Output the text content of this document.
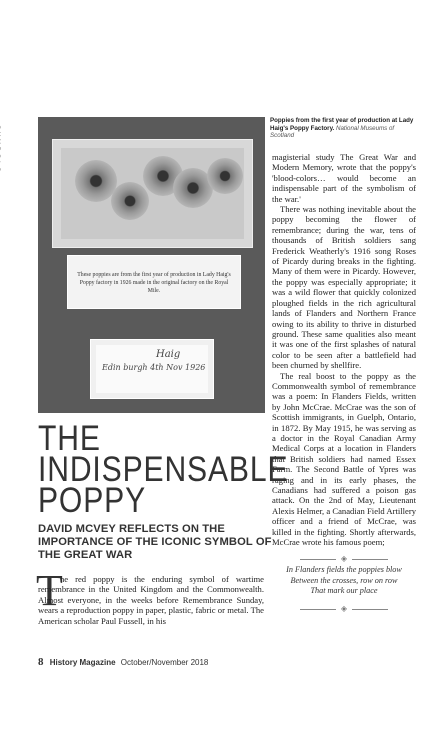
These poppies are from the first year of production in Lady Haig's Poppy factory in 1926 made in the original factory on the Royal Mile.
Edin burgh 4th Nov 1926
Haig
Poppies from the first year of production at Lady Haig's Poppy Factory. National Museums of Scotland

magisterial study The Great War and Modern Memory, wrote that the poppy's 'blood-colors… would become an indispensable part of the symbolism of the war.'

There was nothing inevitable about the poppy becoming the flower of remembrance; during the war, tens of thousands of British soldiers sang Frederick Weatherly's 1916 song Roses of Picardy during breaks in the fighting. Many of them were in Picardy. However, the poppy was especially appropriate; it was a wild flower that quickly colonized ploughed fields in the rich agricultural lands of Flanders and Northern France owing to its ability to thrive in disturbed ground. These same qualities also meant it was one of the first splashes of natural color to be seen after a battlefield had been churned by shellfire.

The real boost to the poppy as the Commonwealth symbol of remembrance was a poem: In Flanders Fields, written by John McCrae. McCrae was the son of Scottish immigrants, in Guelph, Ontario, in 1872. By May 1915, he was serving as a doctor in the Royal Canadian Army Medical Corps at a location in Flanders that British soldiers had named Essex Farm. The Second Battle of Ypres was raging and in its early phases, the Canadians had suffered a poison gas attack. On the 2nd of May, Lieutenant Alexis Helmer, a Canadian Field Artillery officer and a friend of McCrae, was killed in the fighting. Shortly afterwards, McCrae wrote his famous poem;

◈
In Flanders fields the poppies blow
Between the crosses, row on row
That mark our place
◈
THE
INDISPENSABLE
POPPY
DAVID MCVEY REFLECTS ON THE IMPORTANCE OF THE ICONIC SYMBOL OF THE GREAT WAR
T
he red poppy is the enduring symbol of wartime remembrance in the United Kingdom and the Commonwealth. Almost everyone, in the weeks before Remembrance Sunday, wears a reproduction poppy in paper, plastic, fabric or metal. The American scholar Paul Fussell, in his
8 History Magazine October/November 2018
